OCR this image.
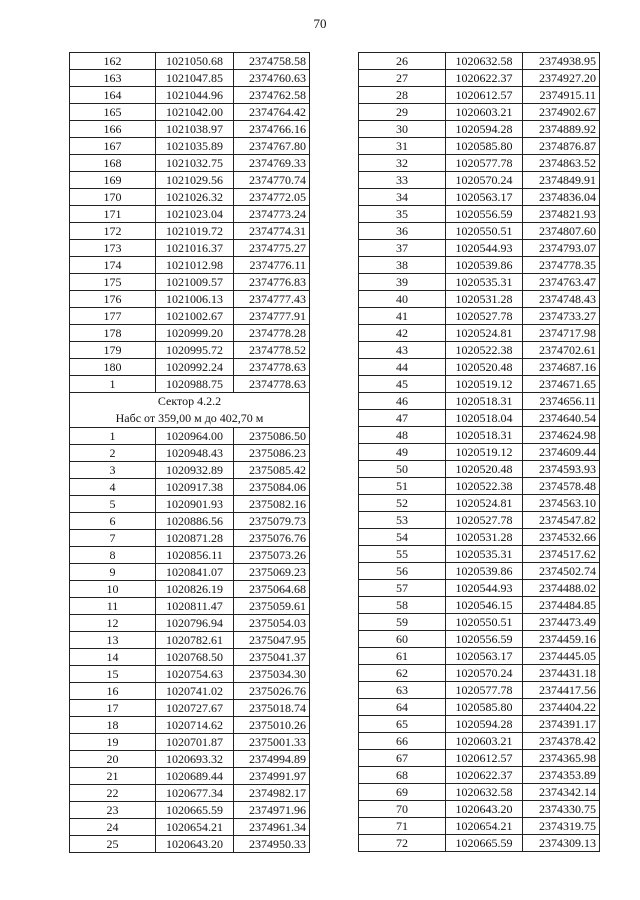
70
162	1021050.68	2374758.58
163	1021047.85	2374760.63
164	1021044.96	2374762.58
165	1021042.00	2374764.42
166	1021038.97	2374766.16
167	1021035.89	2374767.80
168	1021032.75	2374769.33
169	1021029.56	2374770.74
170	1021026.32	2374772.05
171	1021023.04	2374773.24
172	1021019.72	2374774.31
173	1021016.37	2374775.27
174	1021012.98	2374776.11
175	1021009.57	2374776.83
176	1021006.13	2374777.43
177	1021002.67	2374777.91
178	1020999.20	2374778.28
179	1020995.72	2374778.52
180	1020992.24	2374778.63
1	1020988.75	2374778.63

Сектор 4.2.2
Набс от 359,00 м до 402,70 м		

1	1020964.00	2375086.50
2	1020948.43	2375086.23
3	1020932.89	2375085.42
4	1020917.38	2375084.06
5	1020901.93	2375082.16
6	1020886.56	2375079.73
7	1020871.28	2375076.76
8	1020856.11	2375073.26
9	1020841.07	2375069.23
10	1020826.19	2375064.68
11	1020811.47	2375059.61
12	1020796.94	2375054.03
13	1020782.61	2375047.95
14	1020768.50	2375041.37
15	1020754.63	2375034.30
16	1020741.02	2375026.76
17	1020727.67	2375018.74
18	1020714.62	2375010.26
19	1020701.87	2375001.33
20	1020693.32	2374994.89
21	1020689.44	2374991.97
22	1020677.34	2374982.17
23	1020665.59	2374971.96
24	1020654.21	2374961.34
25	1020643.20	2374950.33
26	1020632.58	2374938.95
27	1020622.37	2374927.20
28	1020612.57	2374915.11
29	1020603.21	2374902.67
30	1020594.28	2374889.92
31	1020585.80	2374876.87
32	1020577.78	2374863.52
33	1020570.24	2374849.91
34	1020563.17	2374836.04
35	1020556.59	2374821.93
36	1020550.51	2374807.60
37	1020544.93	2374793.07
38	1020539.86	2374778.35
39	1020535.31	2374763.47
40	1020531.28	2374748.43
41	1020527.78	2374733.27
42	1020524.81	2374717.98
43	1020522.38	2374702.61
44	1020520.48	2374687.16
45	1020519.12	2374671.65
46	1020518.31	2374656.11
47	1020518.04	2374640.54
48	1020518.31	2374624.98
49	1020519.12	2374609.44
50	1020520.48	2374593.93
51	1020522.38	2374578.48
52	1020524.81	2374563.10
53	1020527.78	2374547.82
54	1020531.28	2374532.66
55	1020535.31	2374517.62
56	1020539.86	2374502.74
57	1020544.93	2374488.02
58	1020546.15	2374484.85
59	1020550.51	2374473.49
60	1020556.59	2374459.16
61	1020563.17	2374445.05
62	1020570.24	2374431.18
63	1020577.78	2374417.56
64	1020585.80	2374404.22
65	1020594.28	2374391.17
66	1020603.21	2374378.42
67	1020612.57	2374365.98
68	1020622.37	2374353.89
69	1020632.58	2374342.14
70	1020643.20	2374330.75
71	1020654.21	2374319.75
72	1020665.59	2374309.13
